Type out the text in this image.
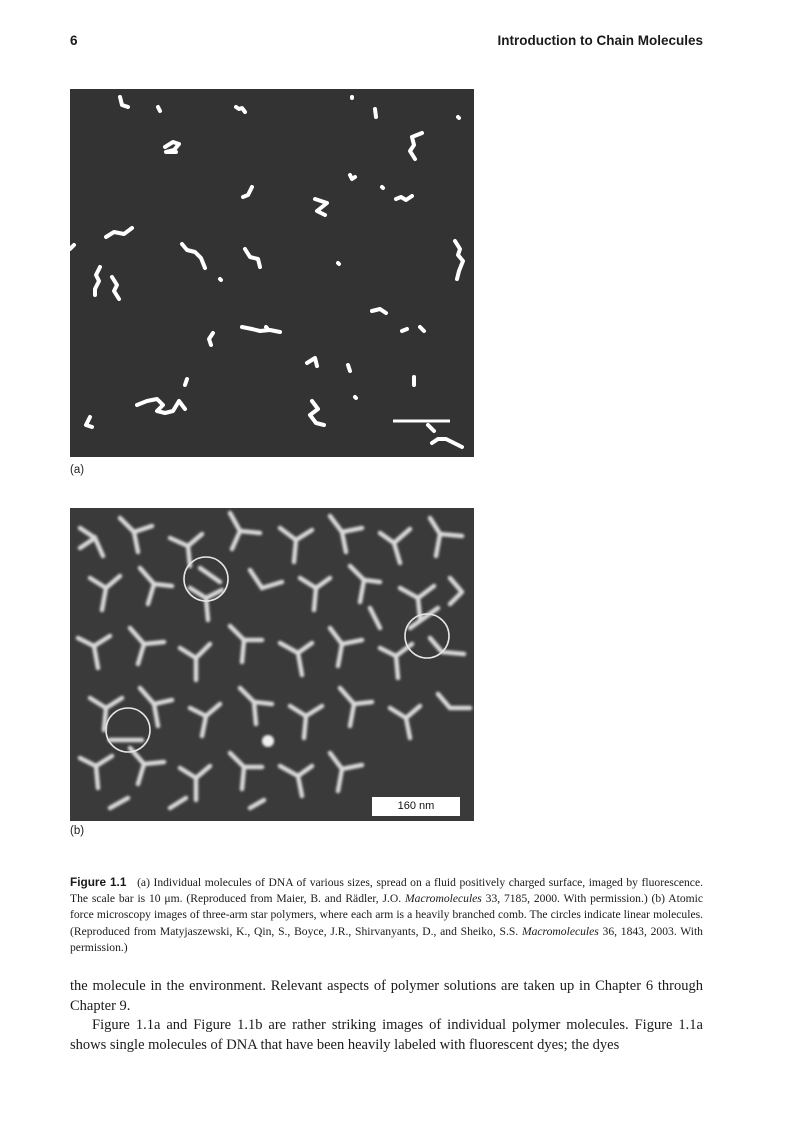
6	Introduction to Chain Molecules
(a)
160 nm
(b)
Figure 1.1 (a) Individual molecules of DNA of various sizes, spread on a fluid positively charged surface, imaged by fluorescence. The scale bar is 10 μm. (Reproduced from Maier, B. and Rädler, J.O. Macromolecules 33, 7185, 2000. With permission.) (b) Atomic force microscopy images of three-arm star polymers, where each arm is a heavily branched comb. The circles indicate linear molecules. (Reproduced from Matyjaszewski, K., Qin, S., Boyce, J.R., Shirvanyants, D., and Sheiko, S.S. Macromolecules 36, 1843, 2003. With permission.)

the molecule in the environment. Relevant aspects of polymer solutions are taken up in Chapter 6 through Chapter 9.

Figure 1.1a and Figure 1.1b are rather striking images of individual polymer molecules. Figure 1.1a shows single molecules of DNA that have been heavily labeled with fluorescent dyes; the dyes
